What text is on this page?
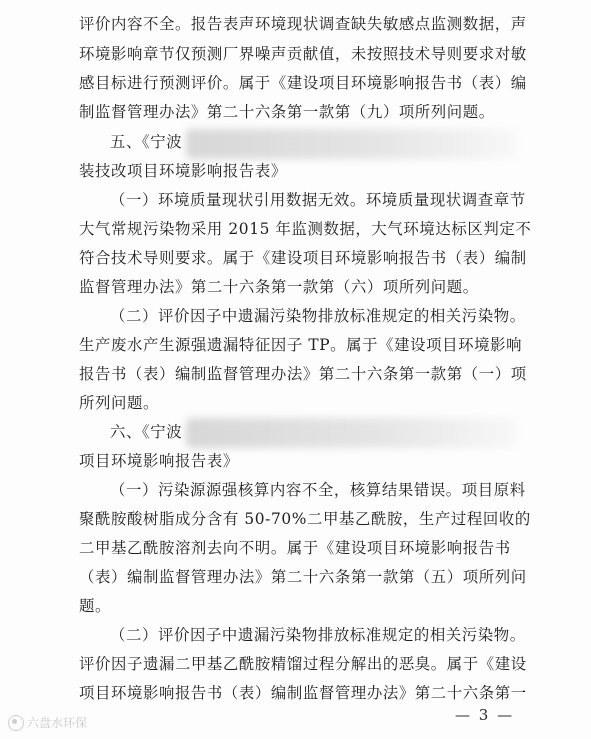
评价内容不全。报告表声环境现状调查缺失敏感点监测数据，声
环境影响章节仅预测厂界噪声贡献值，未按照技术导则要求对敏
感目标进行预测评价。属于《建设项目环境影响报告书（表）编
制监督管理办法》第二十六条第一款第（九）项所列问题。
五、《宁波
装技改项目环境影响报告表》
（一）环境质量现状引用数据无效。环境质量现状调查章节
大气常规污染物采用 2015 年监测数据，大气环境达标区判定不
符合技术导则要求。属于《建设项目环境影响报告书（表）编制
监督管理办法》第二十六条第一款第（六）项所列问题。
（二）评价因子中遗漏污染物排放标准规定的相关污染物。
生产废水产生源强遗漏特征因子 TP。属于《建设项目环境影响
报告书（表）编制监督管理办法》第二十六条第一款第（一）项
所列问题。
六、《宁波
项目环境影响报告表》
（一）污染源源强核算内容不全，核算结果错误。项目原料
聚酰胺酸树脂成分含有 50-70%二甲基乙酰胺，生产过程回收的
二甲基乙酰胺溶剂去向不明。属于《建设项目环境影响报告书
（表）编制监督管理办法》第二十六条第一款第（五）项所列问
题。
（二）评价因子中遗漏污染物排放标准规定的相关污染物。
评价因子遗漏二甲基乙酰胺精馏过程分解出的恶臭。属于《建设
项目环境影响报告书（表）编制监督管理办法》第二十六条第一
— 3 —
六盘水环保
